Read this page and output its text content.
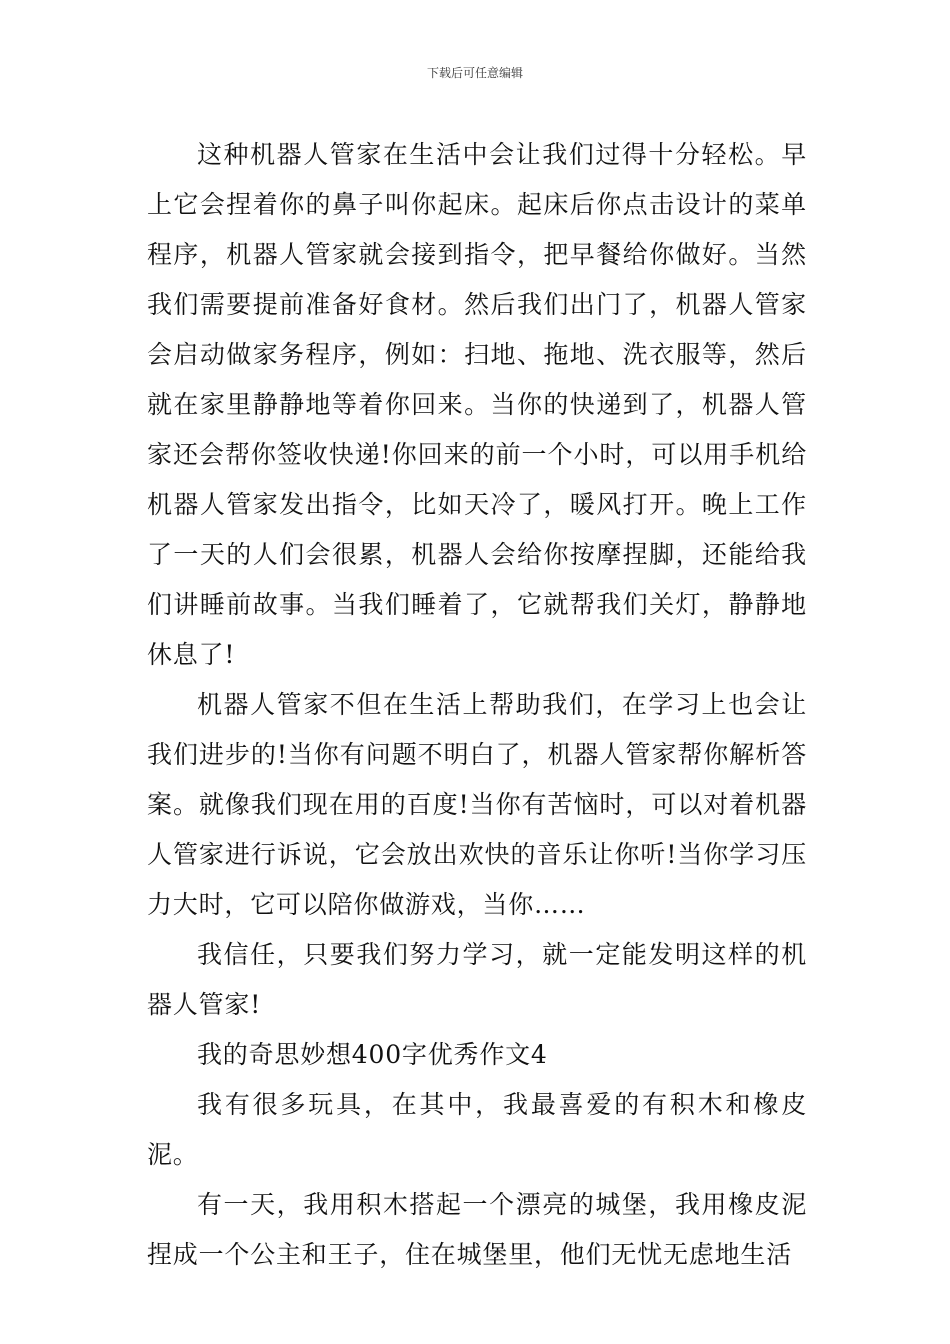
下载后可任意编辑

这种机器人管家在生活中会让我们过得十分轻松。早上它会捏着你的鼻子叫你起床。起床后你点击设计的菜单程序，机器人管家就会接到指令，把早餐给你做好。当然我们需要提前准备好食材。然后我们出门了，机器人管家会启动做家务程序，例如：扫地、拖地、洗衣服等，然后就在家里静静地等着你回来。当你的快递到了，机器人管家还会帮你签收快递!你回来的前一个小时，可以用手机给机器人管家发出指令，比如天冷了，暖风打开。晚上工作了一天的人们会很累，机器人会给你按摩捏脚，还能给我们讲睡前故事。当我们睡着了，它就帮我们关灯，静静地休息了!

机器人管家不但在生活上帮助我们，在学习上也会让我们进步的!当你有问题不明白了，机器人管家帮你解析答案。就像我们现在用的百度!当你有苦恼时，可以对着机器人管家进行诉说，它会放出欢快的音乐让你听!当你学习压力大时，它可以陪你做游戏，当你……

我信任，只要我们努力学习，就一定能发明这样的机器人管家!

我的奇思妙想400字优秀作文4

我有很多玩具，在其中，我最喜爱的有积木和橡皮泥。

有一天，我用积木搭起一个漂亮的城堡，我用橡皮泥捏成一个公主和王子，住在城堡里，他们无忧无虑地生活
